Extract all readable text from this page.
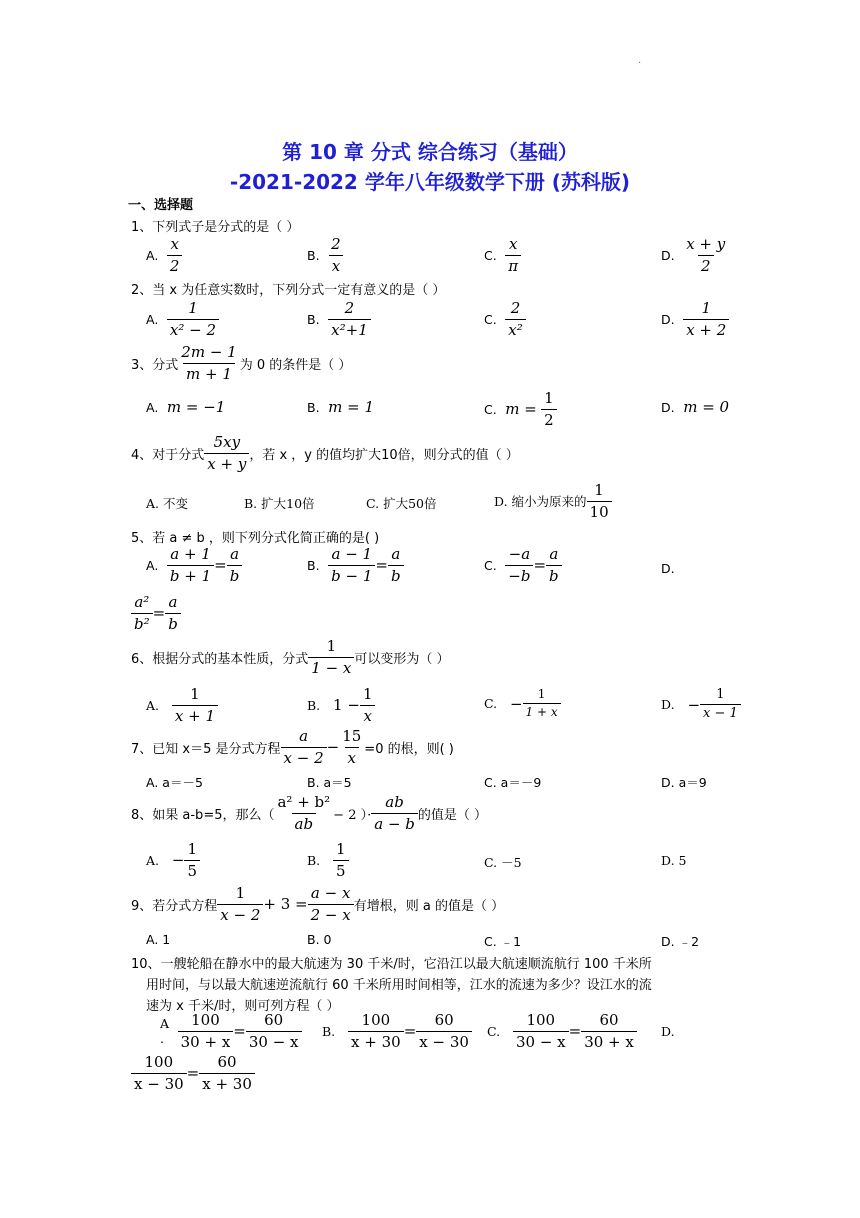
·
第 10 章 分式 综合练习（基础）
-2021-2022 学年八年级数学下册 (苏科版)
一、选择题
1、下列式子是分式的是（ ）
A.
$\frac{x}{2}$	B.
$\frac{2}{x}$	C.
$\frac{x}{\pi}$	D.
$\frac{x + y}{2}$
2、当 x 为任意实数时，下列分式一定有意义的是（ ）
A.
$\frac{1}{\text{x² − 2}}$	B.
$\frac{2}{\text{x²+1}}$	C.
$\frac{2}{\text{x²}}$	D.
$\frac{1}{x + 2}$
3、分式 $\frac{2m - 1}{m + 1}$ 为 0 的条件是（ ）
A.
m = −1	B.
m = 1	C.
m =
$\frac{1}{2}$	D.
m = 0
4、对于分式 $\frac{5xy}{x + y}$ ，若 x ，y 的值均扩大10倍，则分式的值（ ）
A. 不变	B. 扩大10倍	C. 扩大50倍	D. 缩小为原来的 $\frac{1}{10}$
5、若 a ≠ b ，则下列分式化简正确的是( )
A.
$\frac{a + 1}{b + 1} = \frac{a}{b}$	B.
$\frac{a - 1}{b - 1} = \frac{a}{b}$	C.
$\frac{-a}{-b} = \frac{a}{b}$	D.
$\frac{\text{a²}}{\text{b²}} = \frac{a}{b}$
6、根据分式的基本性质，分式 $\frac{1}{1 - x}$ 可以变形为（ ）
A.
$\frac{1}{x + 1}$	B.
$1 - \frac{1}{x}$	C.
− $\frac{1}{1 + x}$	D.
− $\frac{1}{x - 1}$
7、已知 x＝5 是分式方程 $\frac{a}{x - 2} - \frac{15}{x} =0$ 的根，则( )
A. a＝－5	B. a＝5	C. a＝－9	D. a＝9
8、如果 a-b=5，那么（ $\frac{\text{a² + b²}}{ab} - 2$ ）· $\frac{ab}{a - b}$ 的值是（ ）
A.
− $\frac{1}{5}$	B.
$\frac{1}{5}$	C. －5	D. 5
9、若分式方程 $\frac{1}{x - 2} + 3 = \frac{a - x}{2 - x}$ 有增根，则 a 的值是（ ）
A. 1	B. 0	C. ﹣1	D. ﹣2
10、一艘轮船在静水中的最大航速为 30 千米/时，它沿江以最大航速顺流航行 100 千米所
用时间，与以最大航速逆流航行 60 千米所用时间相等，江水的流速为多少？设江水的流
速为 x 千米/时，则可列方程（ ）
A
.
$\frac{100}{30 + x} = \frac{60}{30 - x} B$.
$\frac{100}{x + 30} = \frac{60}{x - 30} C$.
$\frac{100}{30 - x} = \frac{60}{30 + x} D$.
$\frac{100}{x - 30} = \frac{60}{x + 30}$
